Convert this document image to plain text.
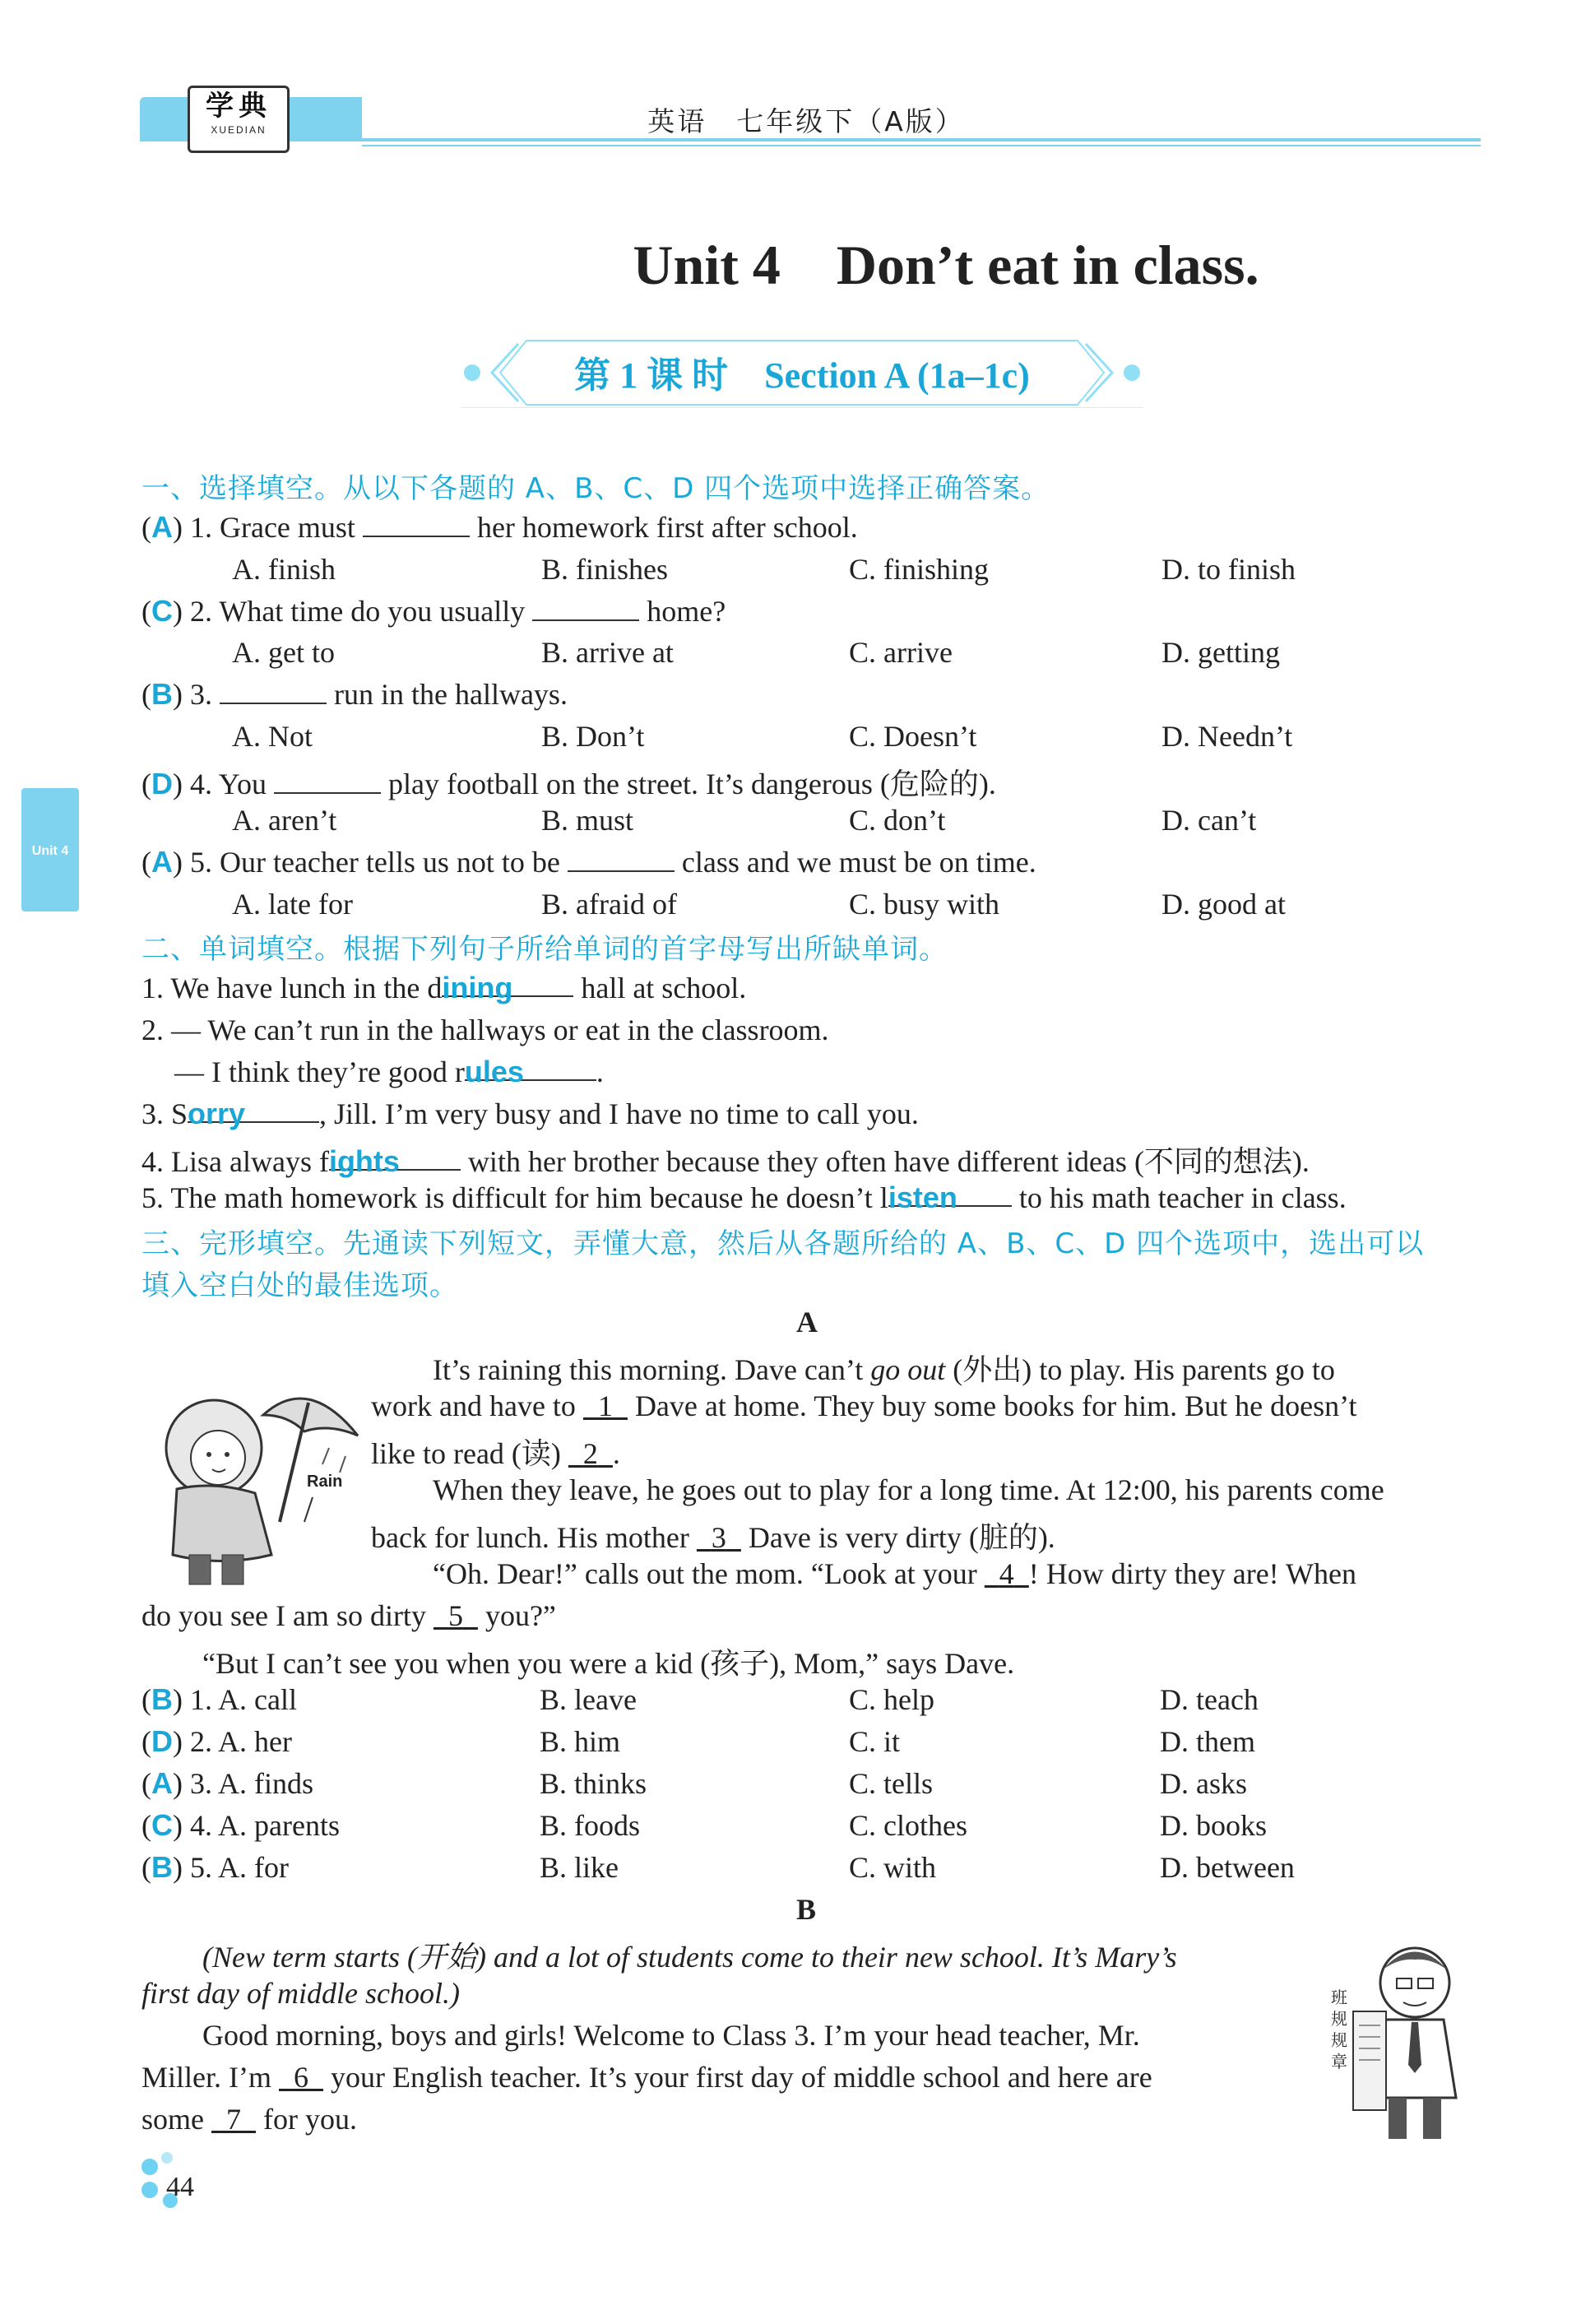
学典
XUEDIAN	英语　七年级下（A版）
Unit 4　Don’t eat in class.
第 1 课 时　Section A (1a–1c)
Unit 4
一、选择填空。从以下各题的 A、B、C、D 四个选项中选择正确答案。
(A) 1. Grace must	her homework first after school.
A. finish	B. finishes	C. finishing	D. to finish
(C) 2. What time do you usually	home?
A. get to	B. arrive at	C. arrive	D. getting
(B) 3.	run in the hallways.
A. Not	B. Don’t	C. Doesn’t	D. Needn’t
(D) 4. You	play football on the street. It’s dangerous (危险的).
A. aren’t	B. must	C. don’t	D. can’t
(A) 5. Our teacher tells us not to be	class and we must be on time.
A. late for	B. afraid of	C. busy with	D. good at
二、单词填空。根据下列句子所给单词的首字母写出所缺单词。
1. We have lunch in the dining hall at school.
2. — We can’t run in the hallways or eat in the classroom.
— I think they’re good rules .
3. Sorry , Jill. I’m very busy and I have no time to call you.
4. Lisa always fights with her brother because they often have different ideas (不同的想法).
5. The math homework is difficult for him because he doesn’t listen to his math teacher in class.
三、完形填空。先通读下列短文，弄懂大意，然后从各题所给的 A、B、C、D 四个选项中，选出可以
填入空白处的最佳选项。
A
Rain
It’s raining this morning. Dave can’t go out (外出) to play. His parents go to
work and have to 1 Dave at home. They buy some books for him. But he doesn’t
like to read (读) 2 .
When they leave, he goes out to play for a long time. At 12:00, his parents come
back for lunch. His mother 3 Dave is very dirty (脏的).
“Oh. Dear!” calls out the mom. “Look at your 4 ! How dirty they are! When
do you see I am so dirty 5 you?”
“But I can’t see you when you were a kid (孩子), Mom,” says Dave.
(B) 1. A. call	B. leave	C. help	D. teach
(D) 2. A. her	B. him	C. it	D. them
(A) 3. A. finds	B. thinks	C. tells	D. asks
(C) 4. A. parents	B. foods	C. clothes	D. books
(B) 5. A. for	B. like	C. with	D. between
B
(New term starts (开始) and a lot of students come to their new school. It’s Mary’s
first day of middle school.)
Good morning, boys and girls! Welcome to Class 3. I’m your head teacher, Mr.
Miller. I’m 6 your English teacher. It’s your first day of middle school and here are
some 7 for you.
班规 规章
44
